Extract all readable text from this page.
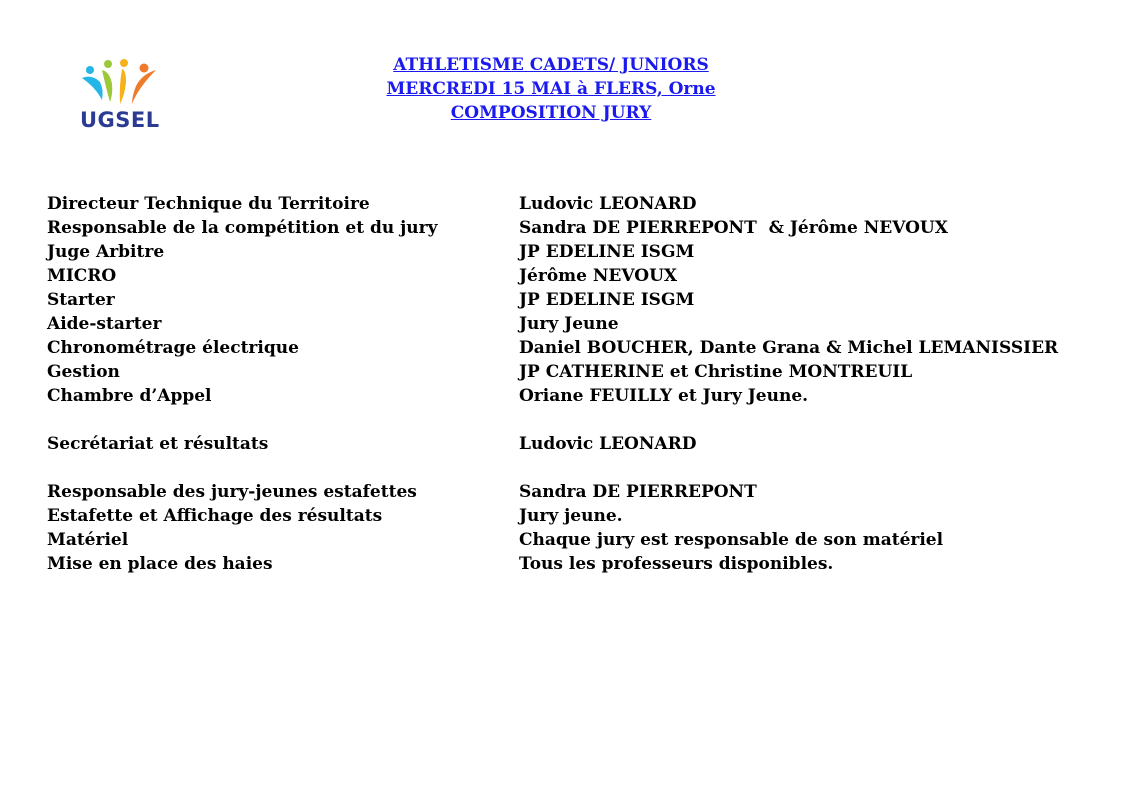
UGSEL
ATHLETISME CADETS/ JUNIORS
MERCREDI 15 MAI à FLERS, Orne
COMPOSITION JURY
Directeur Technique du Territoire	Ludovic LEONARD
Responsable de la compétition et du jury	Sandra DE PIERREPONT  & Jérôme NEVOUX
Juge Arbitre	JP EDELINE ISGM
MICRO	Jérôme NEVOUX
Starter	JP EDELINE ISGM
Aide-starter	Jury Jeune
Chronométrage électrique	Daniel BOUCHER, Dante Grana & Michel LEMANISSIER
Gestion	JP CATHERINE et Christine MONTREUIL
Chambre d’Appel	Oriane FEUILLY et Jury Jeune.
Secrétariat et résultats	Ludovic LEONARD
Responsable des jury-jeunes estafettes	Sandra DE PIERREPONT
Estafette et Affichage des résultats	Jury jeune.
Matériel	Chaque jury est responsable de son matériel
Mise en place des haies	Tous les professeurs disponibles.
